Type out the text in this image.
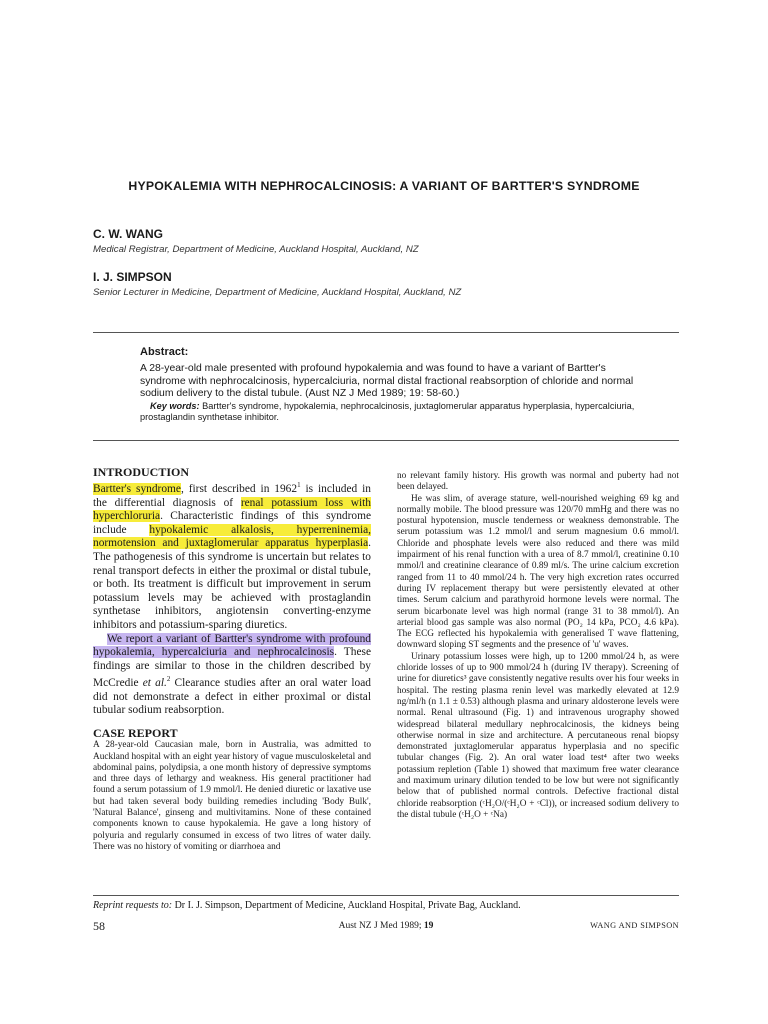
HYPOKALEMIA WITH NEPHROCALCINOSIS: A VARIANT OF BARTTER'S SYNDROME
C. W. WANG
Medical Registrar, Department of Medicine, Auckland Hospital, Auckland, NZ
I. J. SIMPSON
Senior Lecturer in Medicine, Department of Medicine, Auckland Hospital, Auckland, NZ
Abstract:
A 28-year-old male presented with profound hypokalemia and was found to have a variant of Bartter's syndrome with nephrocalcinosis, hypercalciuria, normal distal fractional reabsorption of chloride and normal sodium delivery to the distal tubule. (Aust NZ J Med 1989; 19: 58-60.)
Key words: Bartter's syndrome, hypokalemia, nephrocalcinosis, juxtaglomerular apparatus hyperplasia, hypercalciuria, prostaglandin synthetase inhibitor.
INTRODUCTION

Bartter's syndrome, first described in 1962$^1$ is included in the differential diagnosis of renal potassium loss with hyperchloruria. Characteristic findings of this syndrome include hypokalemic alkalosis, hyperreninemia, normotension and juxtaglomerular apparatus hyperplasia. The pathogenesis of this syndrome is uncertain but relates to renal transport defects in either the proximal or distal tubule, or both. Its treatment is difficult but improvement in serum potassium levels may be achieved with prostaglandin synthetase inhibitors, angiotensin converting-enzyme inhibitors and potassium-sparing diuretics.

We report a variant of Bartter's syndrome with profound hypokalemia, hypercalciuria and nephrocalcinosis. These findings are similar to those in the children described by McCredie et al.$^2$ Clearance studies after an oral water load did not demonstrate a defect in either proximal or distal tubular sodium reabsorption.

CASE REPORT

A 28-year-old Caucasian male, born in Australia, was admitted to Auckland hospital with an eight year history of vague musculoskeletal and abdominal pains, polydipsia, a one month history of depressive symptoms and three days of lethargy and weakness. His general practitioner had found a serum potassium of 1.9 mmol/l. He denied diuretic or laxative use but had taken several body building remedies including 'Body Bulk', 'Natural Balance', ginseng and multivitamins. None of these contained components known to cause hypokalemia. He gave a long history of polyuria and regularly consumed in excess of two litres of water daily. There was no history of vomiting or diarrhoea and

no relevant family history. His growth was normal and puberty had not been delayed.

He was slim, of average stature, well-nourished weighing 69 kg and normally mobile. The blood pressure was 120/70 mmHg and there was no postural hypotension, muscle tenderness or weakness demonstrable. The serum potassium was 1.2 mmol/l and serum magnesium 0.6 mmol/l. Chloride and phosphate levels were also reduced and there was mild impairment of his renal function with a urea of 8.7 mmol/l, creatinine 0.10 mmol/l and creatinine clearance of 0.89 ml/s. The urine calcium excretion ranged from 11 to 40 mmol/24 h. The very high excretion rates occurred during IV replacement therapy but were persistently elevated at other times. Serum calcium and parathyroid hormone levels were normal. The serum bicarbonate level was high normal (range 31 to 38 mmol/l). An arterial blood gas sample was also normal (PO₂ 14 kPa, PCO₂ 4.6 kPa). The ECG reflected his hypokalemia with generalised T wave flattening, downward sloping ST segments and the presence of 'u' waves.

Urinary potassium losses were high, up to 1200 mmol/24 h, as were chloride losses of up to 900 mmol/24 h (during IV therapy). Screening of urine for diuretics³ gave consistently negative results over his four weeks in hospital. The resting plasma renin level was markedly elevated at 12.9 ng/ml/h (n 1.1 ± 0.53) although plasma and urinary aldosterone levels were normal. Renal ultrasound (Fig. 1) and intravenous urography showed widespread bilateral medullary nephrocalcinosis, the kidneys being otherwise normal in size and architecture. A percutaneous renal biopsy demonstrated juxtaglomerular apparatus hyperplasia and no specific tubular changes (Fig. 2). An oral water load test⁴ after two weeks potassium repletion (Table 1) showed that maximum free water clearance and maximum urinary dilution tended to be low but were not significantly below that of published normal controls. Defective fractional distal chloride reabsorption (ᶜH₂O/(ᶜH₂O + ᶜCl)), or increased sodium delivery to the distal tubule (ᶜH₂O + ᶜNa)

Reprint requests to: Dr I. J. Simpson, Department of Medicine, Auckland Hospital, Private Bag, Auckland.
58	Aust NZ J Med 1989; 19	WANG AND SIMPSON
